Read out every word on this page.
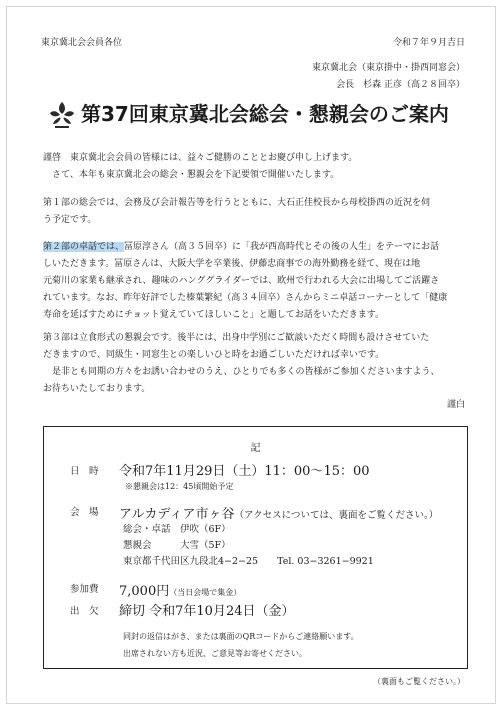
東京冀北会会員各位	令和７年９月吉日
東京冀北会（東京掛中・掛西同窓会）
会長　杉森 正彦（高２８回卒）
第37回東京冀北会総会・懇親会のご案内
謹啓　東京冀北会会員の皆様には、益々ご健勝のこととお慶び申し上げます。
　さて、本年も東京冀北会の総会・懇親会を下記要領で開催いたします。
第１部の総会では、会務及び会計報告等を行うとともに、大石正佳校長から母校掛西の近況を伺
う予定です。
第２部の卓話では、冨原淳さん（高３５回卒）に「我が西高時代とその後の人生」をテーマにお話
しいただきます。冨原さんは、大阪大学を卒業後、伊藤忠商事での海外勤務を経て、現在は地
元菊川の家業も継承され、趣味のハンググライダーでは、欧州で行われる大会に出場してご活躍さ
れています。なお、昨年好評でした榛葉繁紀（高３４回卒）さんからミニ卓話コーナーとして「健康
寿命を延ばすためにチョット覚えていてほしいこと」と題してお話をいただきます。
第３部は立食形式の懇親会です。後半には、出身中学別にご歓談いただく時間も設けさせていた
だきますので、同級生・同窓生との楽しいひと時をお過ごしいただければ幸いです。
　是非とも同期の方々をお誘い合わせのうえ、ひとりでも多くの皆様がご参加くださいますよう、
お待ちいたしております。
謹白
記
日　時 令和7年11月29日（土）11：00〜15：00
※懇親会は12：45頃開始予定
会　場 アルカディア市ヶ谷（アクセスについては、裏面をご覧ください。）
総会・卓話　伊吹（6F）
懇親会　　　大雪（5F）
東京都千代田区九段北4−2−25　　Tel. 03−3261−9921
参加費 7,000円（当日会場で集金）
出　欠 締切 令和7年10月24日（金）
同封の返信はがき、または裏面のQRコードからご連絡願います。
出席されない方も近況、ご意見等お寄せください。
（裏面もご覧ください。）
